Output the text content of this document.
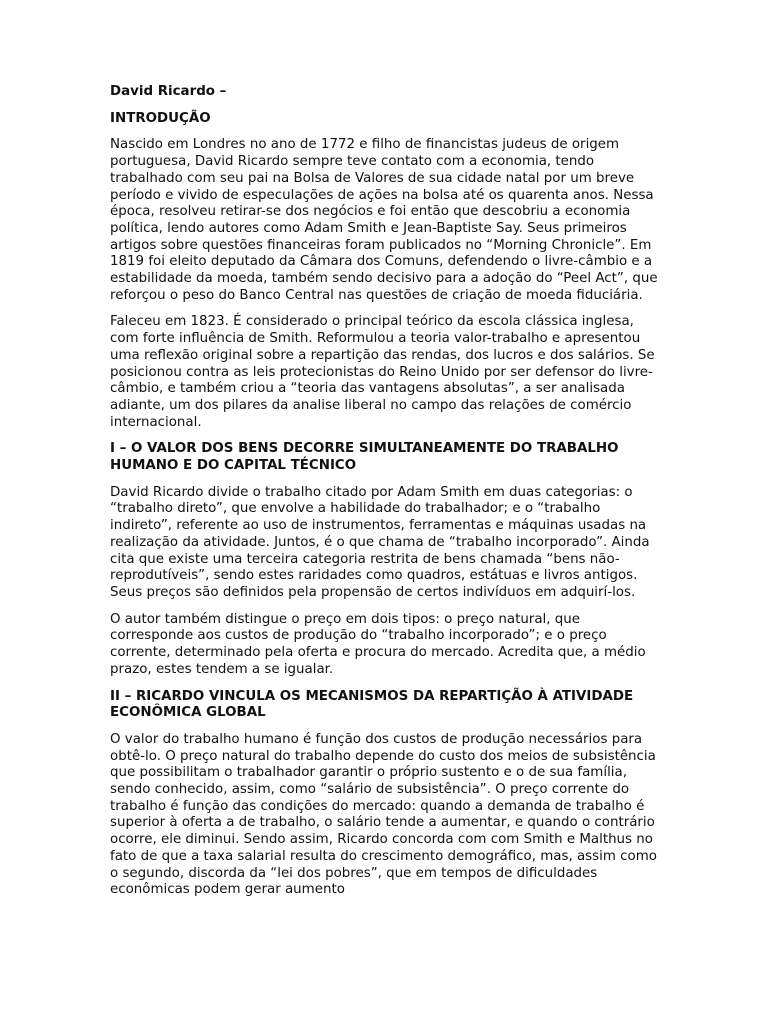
David Ricardo –

INTRODUÇÃO

Nascido em Londres no ano de 1772 e filho de financistas judeus de origem portuguesa, David Ricardo sempre teve contato com a economia, tendo trabalhado com seu pai na Bolsa de Valores de sua cidade natal por um breve período e vivido de especulações de ações na bolsa até os quarenta anos. Nessa época, resolveu retirar-se dos negócios e foi então que descobriu a economia política, lendo autores como Adam Smith e Jean-Baptiste Say. Seus primeiros artigos sobre questões financeiras foram publicados no “Morning Chronicle”. Em 1819 foi eleito deputado da Câmara dos Comuns, defendendo o livre-câmbio e a estabilidade da moeda, também sendo decisivo para a adoção do “Peel Act”, que reforçou o peso do Banco Central nas questões de criação de moeda fiduciária.

Faleceu em 1823. É considerado o principal teórico da escola clássica inglesa, com forte influência de Smith. Reformulou a teoria valor-trabalho e apresentou uma reflexão original sobre a repartição das rendas, dos lucros e dos salários. Se posicionou contra as leis protecionistas do Reino Unido por ser defensor do livre-câmbio, e também criou a “teoria das vantagens absolutas”, a ser analisada adiante, um dos pilares da analise liberal no campo das relações de comércio internacional.

I – O VALOR DOS BENS DECORRE SIMULTANEAMENTE DO TRABALHO HUMANO E DO CAPITAL TÉCNICO

David Ricardo divide o trabalho citado por Adam Smith em duas categorias: o “trabalho direto”, que envolve a habilidade do trabalhador; e o “trabalho indireto”, referente ao uso de instrumentos, ferramentas e máquinas usadas na realização da atividade. Juntos, é o que chama de “trabalho incorporado”. Ainda cita que existe uma terceira categoria restrita de bens chamada “bens não-reprodutíveis”, sendo estes raridades como quadros, estátuas e livros antigos. Seus preços são definidos pela propensão de certos indivíduos em adquirí-los.

O autor também distingue o preço em dois tipos: o preço natural, que corresponde aos custos de produção do “trabalho incorporado”; e o preço corrente, determinado pela oferta e procura do mercado. Acredita que, a médio prazo, estes tendem a se igualar.

II – RICARDO VINCULA OS MECANISMOS DA REPARTIÇÃO À ATIVIDADE ECONÔMICA GLOBAL

O valor do trabalho humano é função dos custos de produção necessários para obtê-lo. O preço natural do trabalho depende do custo dos meios de subsistência que possibilitam o trabalhador garantir o próprio sustento e o de sua família, sendo conhecido, assim, como “salário de subsistência”. O preço corrente do trabalho é função das condições do mercado: quando a demanda de trabalho é superior à oferta a de trabalho, o salário tende a aumentar, e quando o contrário ocorre, ele diminui. Sendo assim, Ricardo concorda com com Smith e Malthus no fato de que a taxa salarial resulta do crescimento demográfico, mas, assim como o segundo, discorda da “lei dos pobres”, que em tempos de dificuldades econômicas podem gerar aumento
